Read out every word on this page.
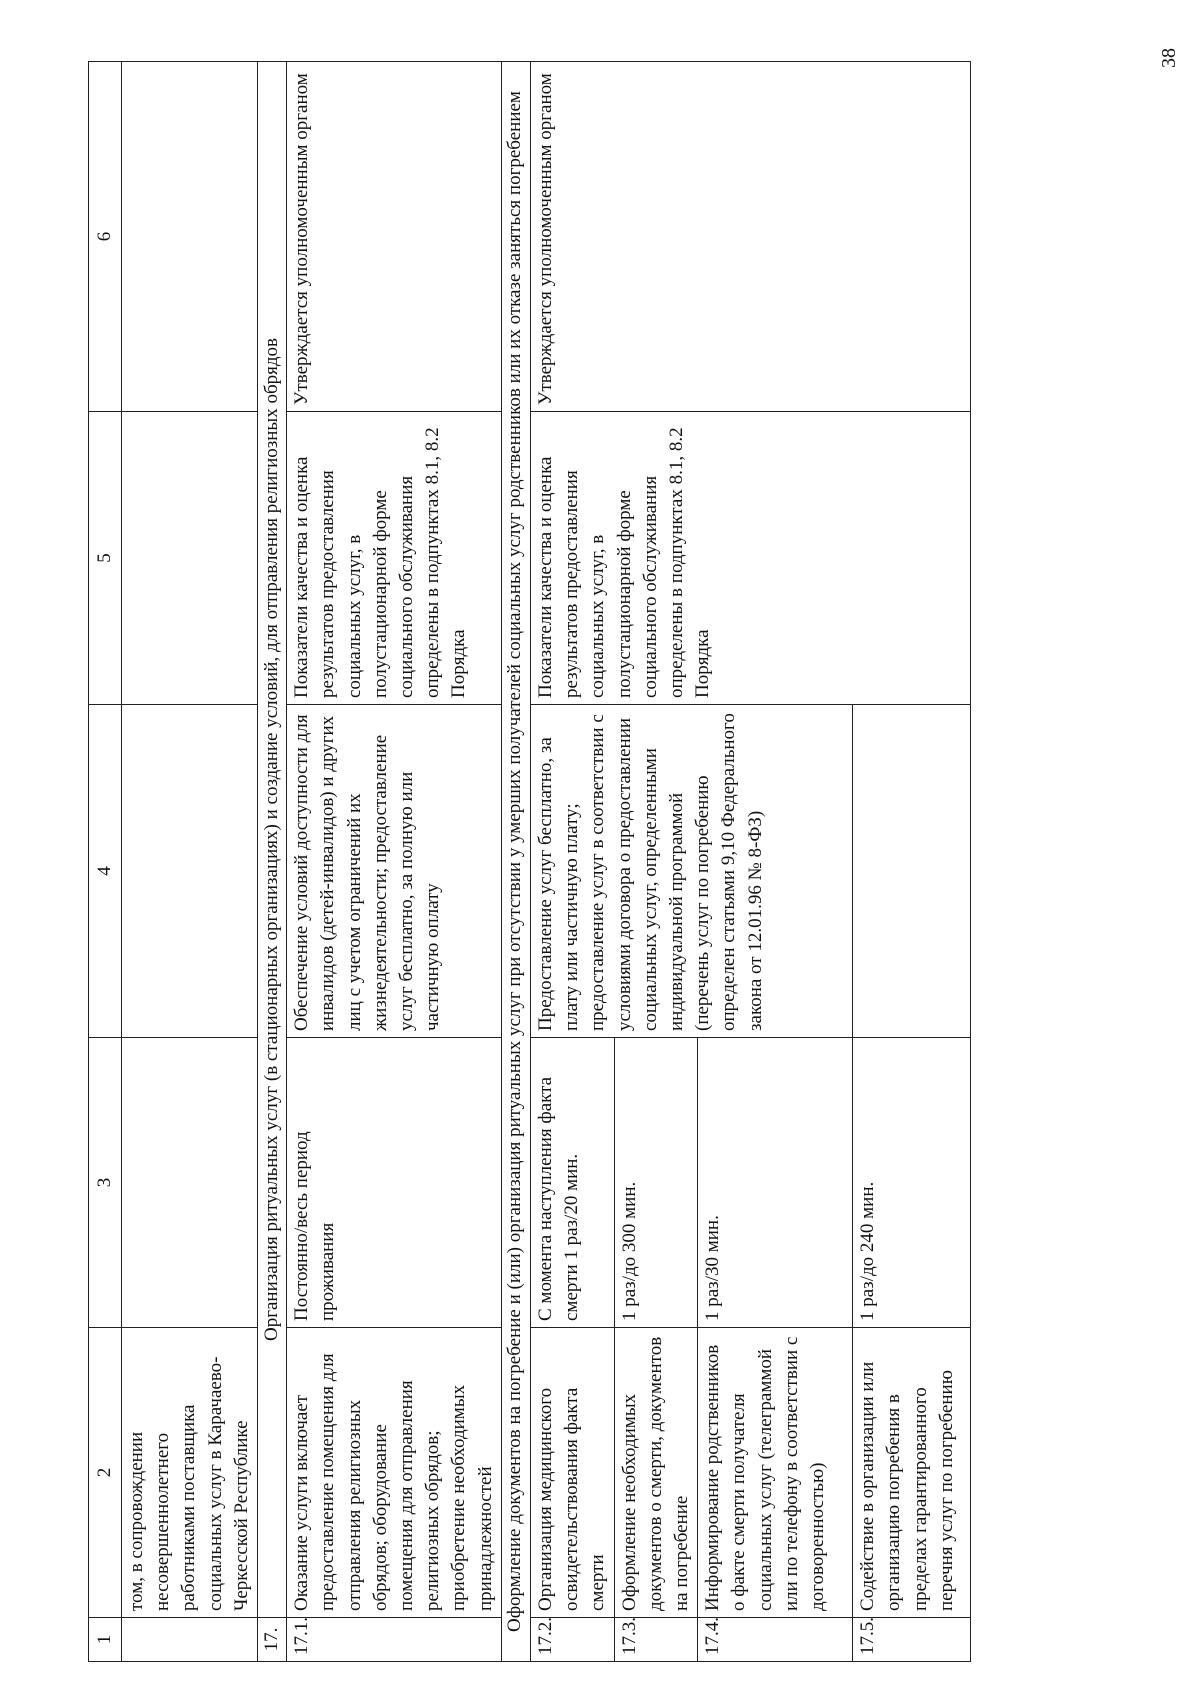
38
1	2	3	4	5	6
	том, в сопровождении несовершеннолетнего работниками поставщика социальных услуг в Карачаево-Черкесской Республике				
17.	Организация ритуальных услуг (в стационарных организациях) и создание условий, для отправления религиозных обрядов				
17.1.	Оказание услуги включает предоставление помещения для отправления религиозных обрядов; оборудование помещения для отправления религиозных обрядов; приобретение необходимых принадлежностей	Постоянно/весь период проживания	Обеспечение условий доступности для инвалидов (детей-инвалидов) и других лиц с учетом ограничений их жизнедеятельности; предоставление услуг бесплатно, за полную или частичную оплату	Показатели качества и оценка результатов предоставления социальных услуг, в полустационарной форме социального обслуживания определены в подпунктах 8.1, 8.2 Порядка	Утверждается уполномоченным органом
Оформление документов на погребение и (или) организация ритуальных услуг при отсутствии у умерших получателей социальных услуг родственников или их отказе заняться погребением					
17.2.	Организация медицинского освидетельствования факта смерти	С момента наступления факта смерти 1 раз/20 мин.	Предоставление услуг бесплатно, за плату или частичную плату; предоставление услуг в соответствии с условиями договора о предоставлении социальных услуг, определенными индивидуальной программой (перечень услуг по погребению определен статьями 9,10 Федерального закона от 12.01.96 № 8-ФЗ)	Показатели качества и оценка результатов предоставления социальных услуг, в полустационарной форме социального обслуживания определены в подпунктах 8.1, 8.2 Порядка	Утверждается уполномоченным органом
17.3.	Оформление необходимых документов о смерти, документов на погребение	1 раз/до 300 мин.			
17.4.	Информирование родственников о факте смерти получателя социальных услуг (телеграммой или по телефону в соответствии с договоренностью)	1 раз/30 мин.			
17.5.	Содействие в организации или организацию погребения в пределах гарантированного перечня услуг по погребению	1 раз/до 240 мин.			
